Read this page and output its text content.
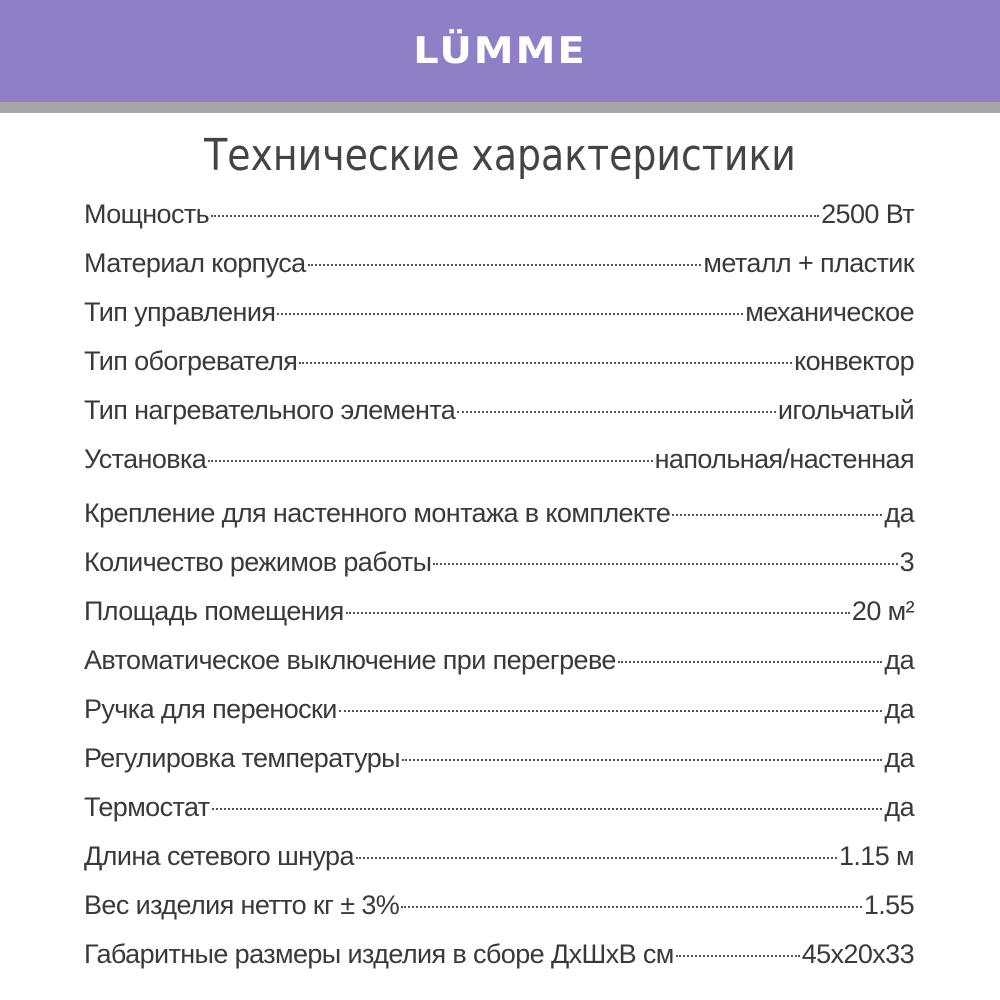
LÜMME
Технические характеристики
Мощность	2500 Вт
Материал корпуса	металл + пластик
Тип управления	механическое
Тип обогревателя	конвектор
Тип нагревательного элемента	игольчатый
Установка	напольная/настенная
Крепление для настенного монтажа в комплекте	да
Количество режимов работы	3
Площадь помещения	20 м²
Автоматическое выключение при перегреве	да
Ручка для переноски	да
Регулировка температуры	да
Термостат	да
Длина сетевого шнура	1.15 м
Вес изделия нетто кг ± 3%	1.55
Габаритные размеры изделия в сборе ДхШхВ см	45x20x33
